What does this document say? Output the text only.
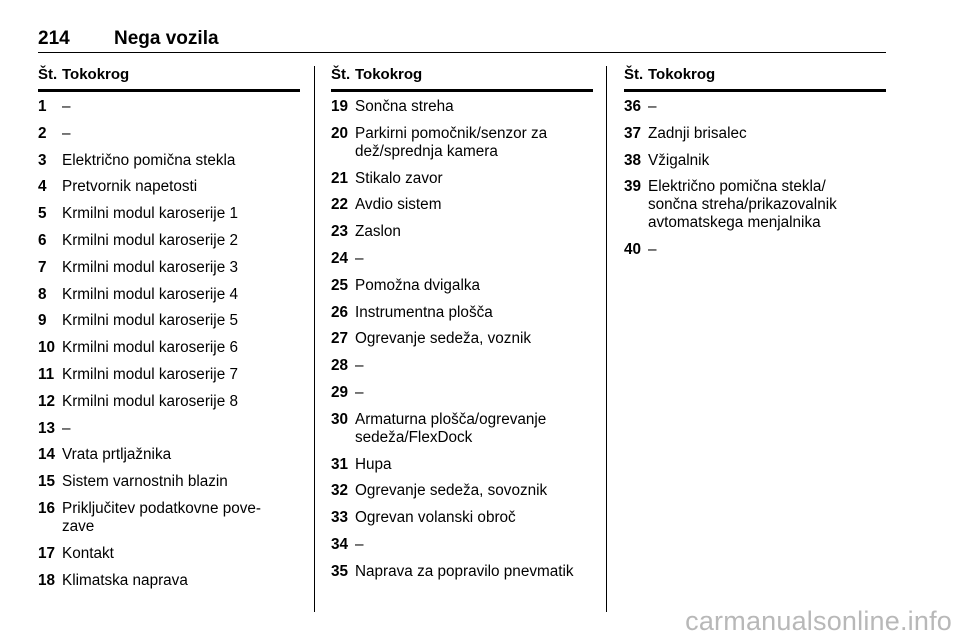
214 Nega vozila
Št. Tokokrog
1	–
2	–
3	Električno pomična stekla
4	Pretvornik napetosti
5	Krmilni modul karoserije 1
6	Krmilni modul karoserije 2
7	Krmilni modul karoserije 3
8	Krmilni modul karoserije 4
9	Krmilni modul karoserije 5
10 Krmilni modul karoserije 6
11 Krmilni modul karoserije 7
12 Krmilni modul karoserije 8
13 –
14 Vrata prtljažnika
15 Sistem varnostnih blazin
16 Priključitev podatkovne pove-
zave
17 Kontakt
18 Klimatska naprava
Št. Tokokrog
19 Sončna streha
20 Parkirni pomočnik/senzor za
dež/sprednja kamera
21 Stikalo zavor
22 Avdio sistem
23 Zaslon
24 –
25 Pomožna dvigalka
26 Instrumentna plošča
27 Ogrevanje sedeža, voznik
28 –
29 –
30 Armaturna plošča/ogrevanje
sedeža/FlexDock
31 Hupa
32 Ogrevanje sedeža, sovoznik
33 Ogrevan volanski obroč
34 –
35 Naprava za popravilo pnevmatik
Št. Tokokrog
36 –
37 Zadnji brisalec
38 Vžigalnik
39 Električno pomična stekla/
sončna streha/prikazovalnik
avtomatskega menjalnika
40 –
carmanualsonline.info
